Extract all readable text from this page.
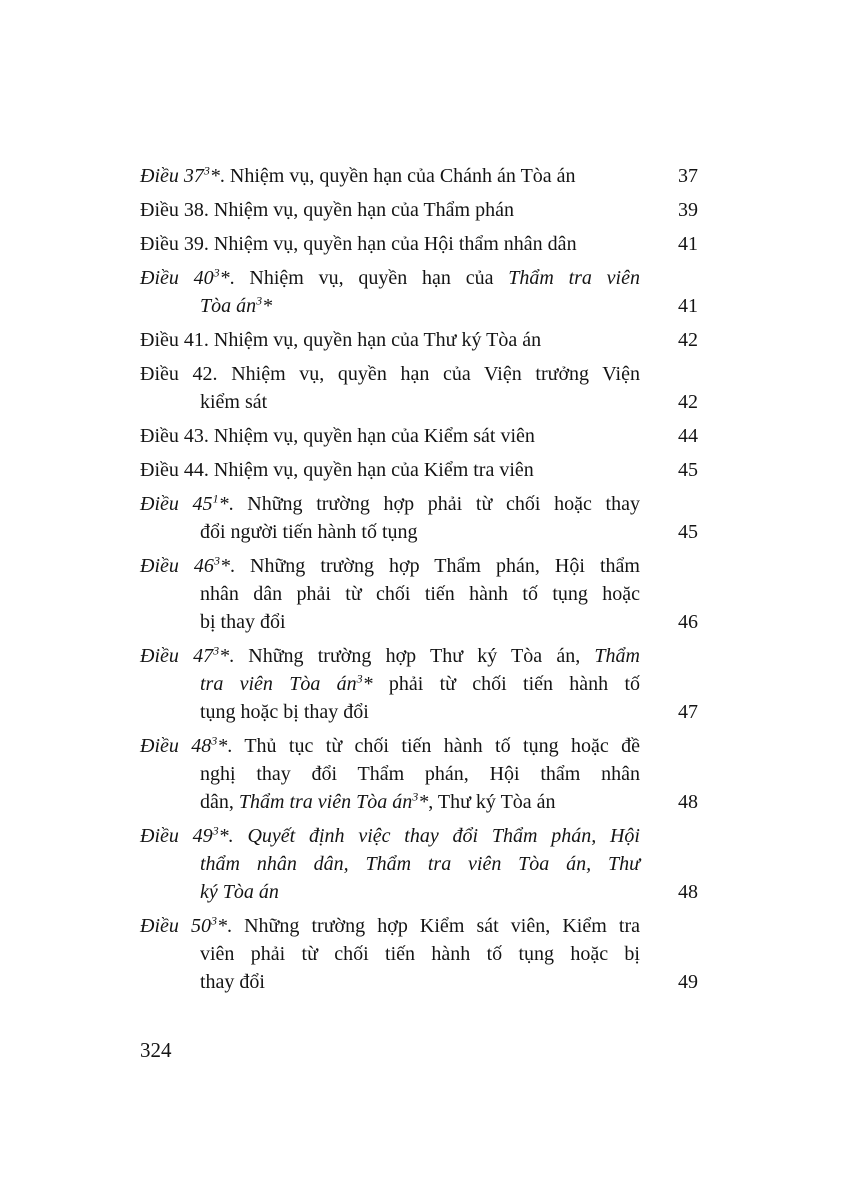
Điều $37^3*$. Nhiệm vụ, quyền hạn của Chánh án Tòa án	37
Điều 38. Nhiệm vụ, quyền hạn của Thẩm phán	39
Điều 39. Nhiệm vụ, quyền hạn của Hội thẩm nhân dân	41
Điều $40^3*$. Nhiệm vụ, quyền hạn của Thẩm tra viên
Tòa $án^3*$	41
Điều 41. Nhiệm vụ, quyền hạn của Thư ký Tòa án	42
Điều 42. Nhiệm vụ, quyền hạn của Viện trưởng Viện
kiểm sát	42
Điều 43. Nhiệm vụ, quyền hạn của Kiểm sát viên	44
Điều 44. Nhiệm vụ, quyền hạn của Kiểm tra viên	45
Điều $45^1*$. Những trường hợp phải từ chối hoặc thay
đổi người tiến hành tố tụng	45
Điều $46^3*$. Những trường hợp Thẩm phán, Hội thẩm
nhân dân phải từ chối tiến hành tố tụng hoặc
bị thay đổi	46
Điều $47^3*$. Những trường hợp Thư ký Tòa án, Thẩm
tra viên Tòa $án^3*$ phải từ chối tiến hành tố
tụng hoặc bị thay đổi	47
Điều $48^3*$. Thủ tục từ chối tiến hành tố tụng hoặc đề
nghị thay đổi Thẩm phán, Hội thẩm nhân
dân, Thẩm tra viên Tòa $án^3*$, Thư ký Tòa án	48
Điều $49^3*$. Quyết định việc thay đổi Thẩm phán, Hội
thẩm nhân dân, Thẩm tra viên Tòa án, Thư
ký Tòa án	48
Điều $50^3*$. Những trường hợp Kiểm sát viên, Kiểm tra
viên phải từ chối tiến hành tố tụng hoặc bị
thay đổi	49
324
